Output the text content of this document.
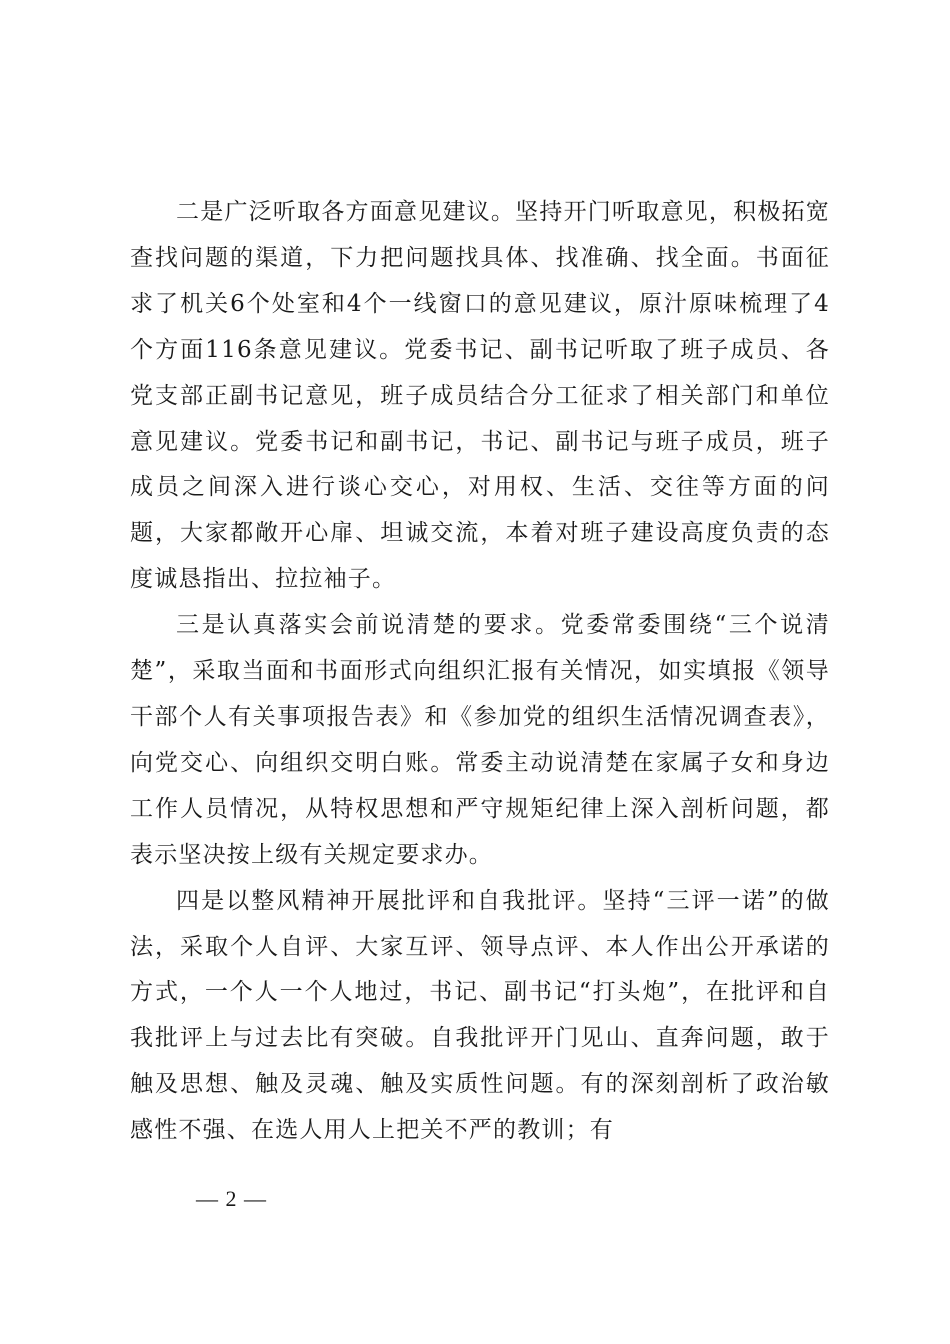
二是广泛听取各方面意见建议。坚持开门听取意见，积极拓宽查找问题的渠道，下力把问题找具体、找准确、找全面。书面征求了机关6个处室和4个一线窗口的意见建议，原汁原味梳理了4个方面116条意见建议。党委书记、副书记听取了班子成员、各党支部正副书记意见，班子成员结合分工征求了相关部门和单位意见建议。党委书记和副书记，书记、副书记与班子成员，班子成员之间深入进行谈心交心，对用权、生活、交往等方面的问题，大家都敞开心扉、坦诚交流，本着对班子建设高度负责的态度诚恳指出、拉拉袖子。

三是认真落实会前说清楚的要求。党委常委围绕“三个说清楚”，采取当面和书面形式向组织汇报有关情况，如实填报《领导干部个人有关事项报告表》和《参加党的组织生活情况调查表》，向党交心、向组织交明白账。常委主动说清楚在家属子女和身边工作人员情况，从特权思想和严守规矩纪律上深入剖析问题，都表示坚决按上级有关规定要求办。

四是以整风精神开展批评和自我批评。坚持“三评一诺”的做法，采取个人自评、大家互评、领导点评、本人作出公开承诺的方式，一个人一个人地过，书记、副书记“打头炮”，在批评和自我批评上与过去比有突破。自我批评开门见山、直奔问题，敢于触及思想、触及灵魂、触及实质性问题。有的深刻剖析了政治敏感性不强、在选人用人上把关不严的教训；有

— 2 —
